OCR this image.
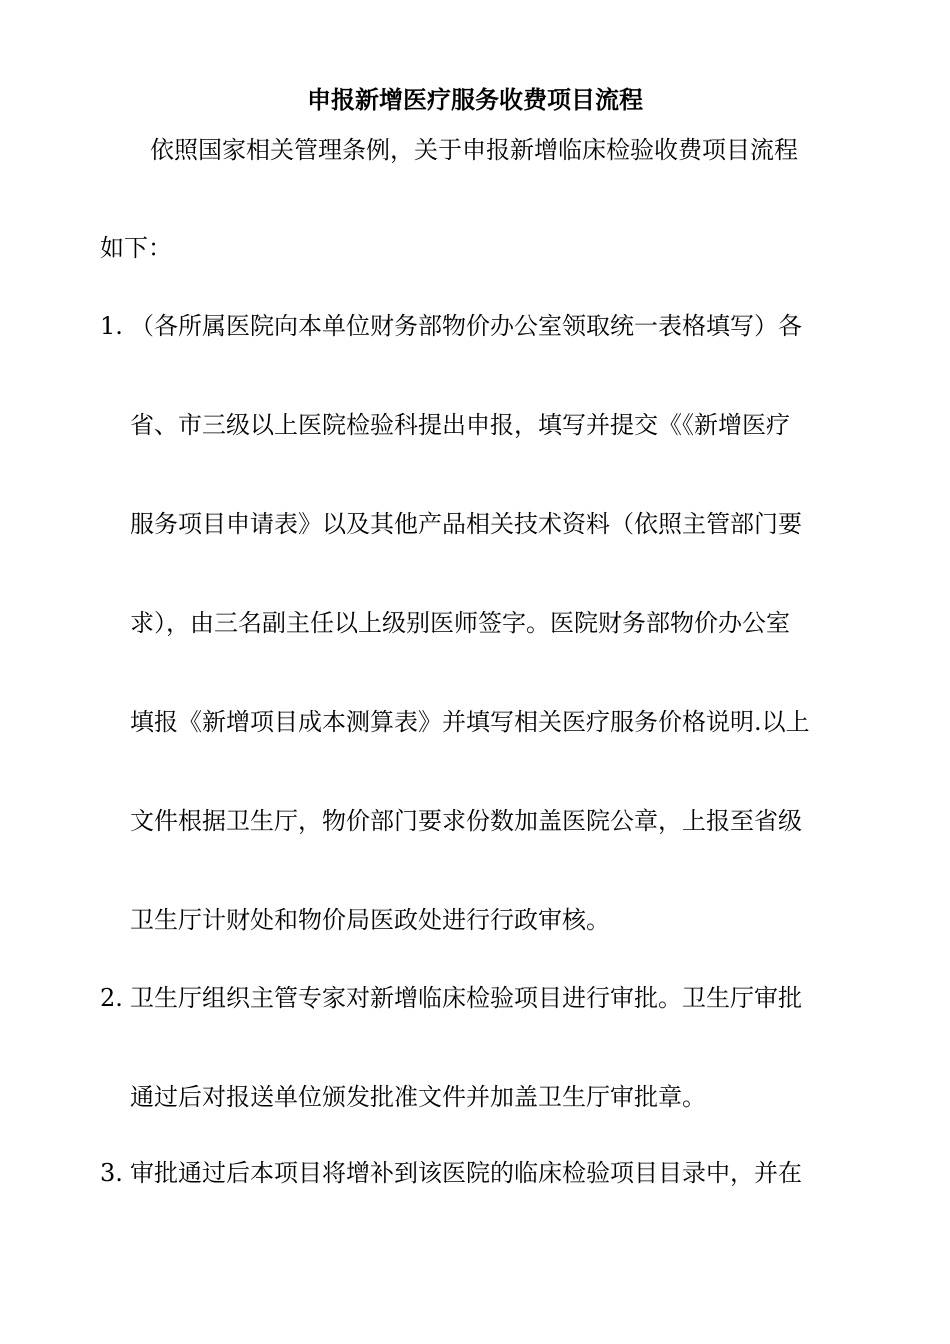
申报新增医疗服务收费项目流程
依照国家相关管理条例，关于申报新增临床检验收费项目流程
如下：
1. （各所属医院向本单位财务部物价办公室领取统一表格填写）各
省、市三级以上医院检验科提出申报，填写并提交《《新增医疗
服务项目申请表》以及其他产品相关技术资料（依照主管部门要
求），由三名副主任以上级别医师签字。医院财务部物价办公室
填报《新增项目成本测算表》并填写相关医疗服务价格说明.以上
文件根据卫生厅，物价部门要求份数加盖医院公章，上报至省级
卫生厅计财处和物价局医政处进行行政审核。
2. 卫生厅组织主管专家对新增临床检验项目进行审批。卫生厅审批
通过后对报送单位颁发批准文件并加盖卫生厅审批章。
3. 审批通过后本项目将增补到该医院的临床检验项目目录中，并在
